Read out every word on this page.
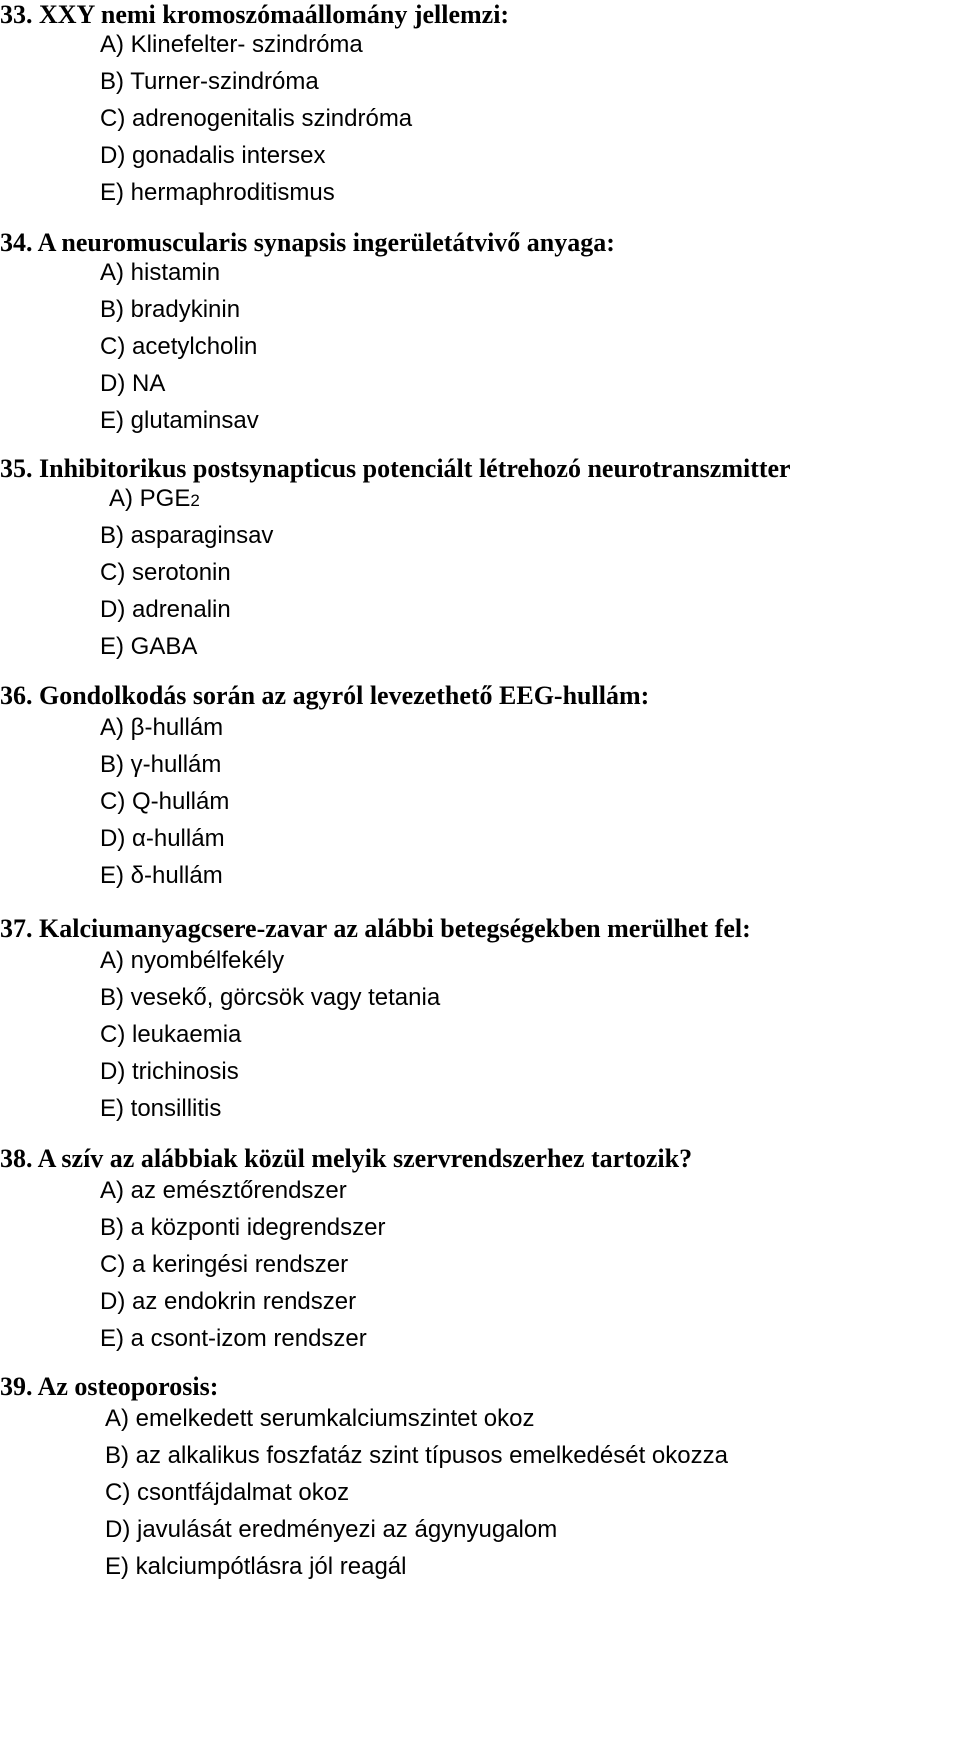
33. XXY nemi kromoszómaállomány jellemzi:
A) Klinefelter- szindróma
B) Turner-szindróma
C) adrenogenitalis szindróma
D) gonadalis intersex
E) hermaphroditismus
34. A neuromuscularis synapsis ingerületátvivő anyaga:
A) histamin
B) bradykinin
C) acetylcholin
D) NA
E) glutaminsav
35. Inhibitorikus postsynapticus potenciált létrehozó neurotranszmitter
A) PGE2
B) asparaginsav
C) serotonin
D) adrenalin
E) GABA
36. Gondolkodás során az agyról levezethető EEG-hullám:
A) β-hullám
B) γ-hullám
C) Q-hullám
D) α-hullám
E) δ-hullám
37. Kalciumanyagcsere-zavar az alábbi betegségekben merülhet fel:
A) nyombélfekély
B) vesekő, görcsök vagy tetania
C) leukaemia
D) trichinosis
E) tonsillitis
38. A szív az alábbiak közül melyik szervrendszerhez tartozik?
A) az emésztőrendszer
B) a központi idegrendszer
C) a keringési rendszer
D) az endokrin rendszer
E) a csont-izom rendszer
39. Az osteoporosis:
A) emelkedett serumkalciumszintet okoz
B) az alkalikus foszfatáz szint típusos emelkedését okozza
C) csontfájdalmat okoz
D) javulását eredményezi az ágynyugalom
E) kalciumpótlásra jól reagál
